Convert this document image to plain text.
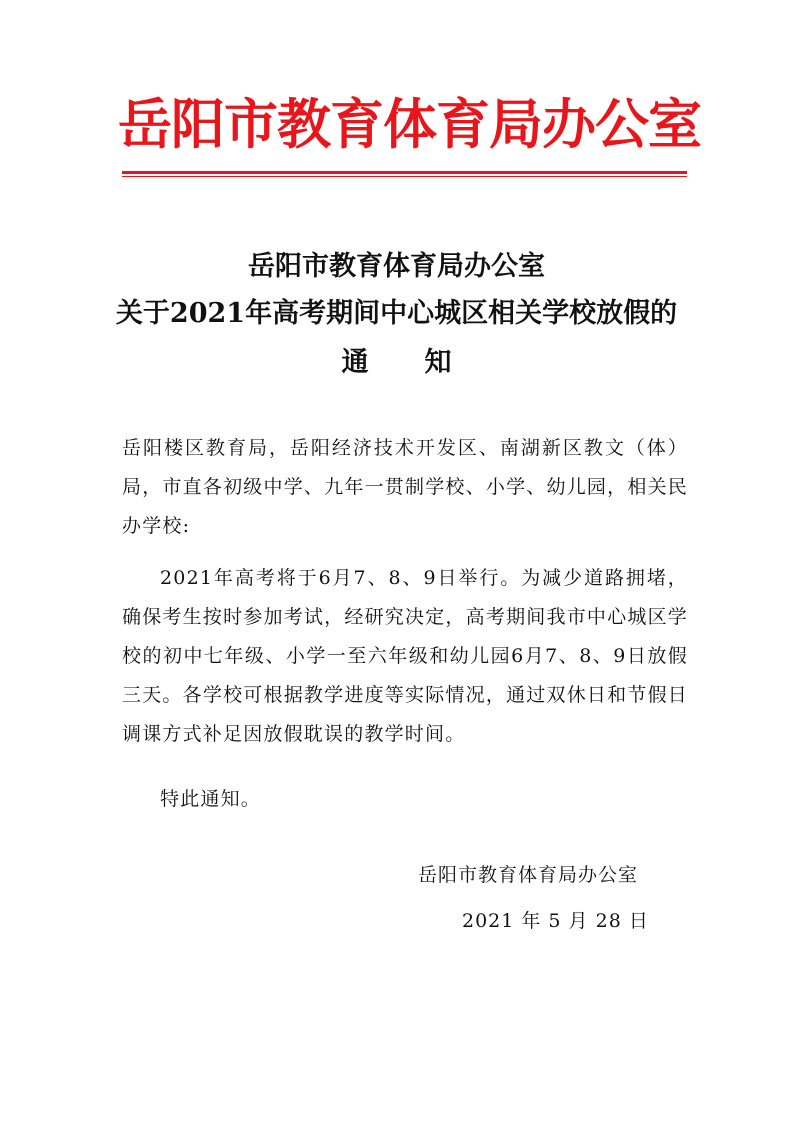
岳阳市教育体育局办公室
岳阳市教育体育局办公室
关于2021年高考期间中心城区相关学校放假的
通知
岳阳楼区教育局，岳阳经济技术开发区、南湖新区教文（体）局，市直各初级中学、九年一贯制学校、小学、幼儿园，相关民办学校:
2021年高考将于6月7、8、9日举行。为减少道路拥堵，确保考生按时参加考试，经研究决定，高考期间我市中心城区学校的初中七年级、小学一至六年级和幼儿园6月7、8、9日放假三天。各学校可根据教学进度等实际情况，通过双休日和节假日调课方式补足因放假耽误的教学时间。
特此通知。
岳阳市教育体育局办公室
2021 年 5 月 28 日
